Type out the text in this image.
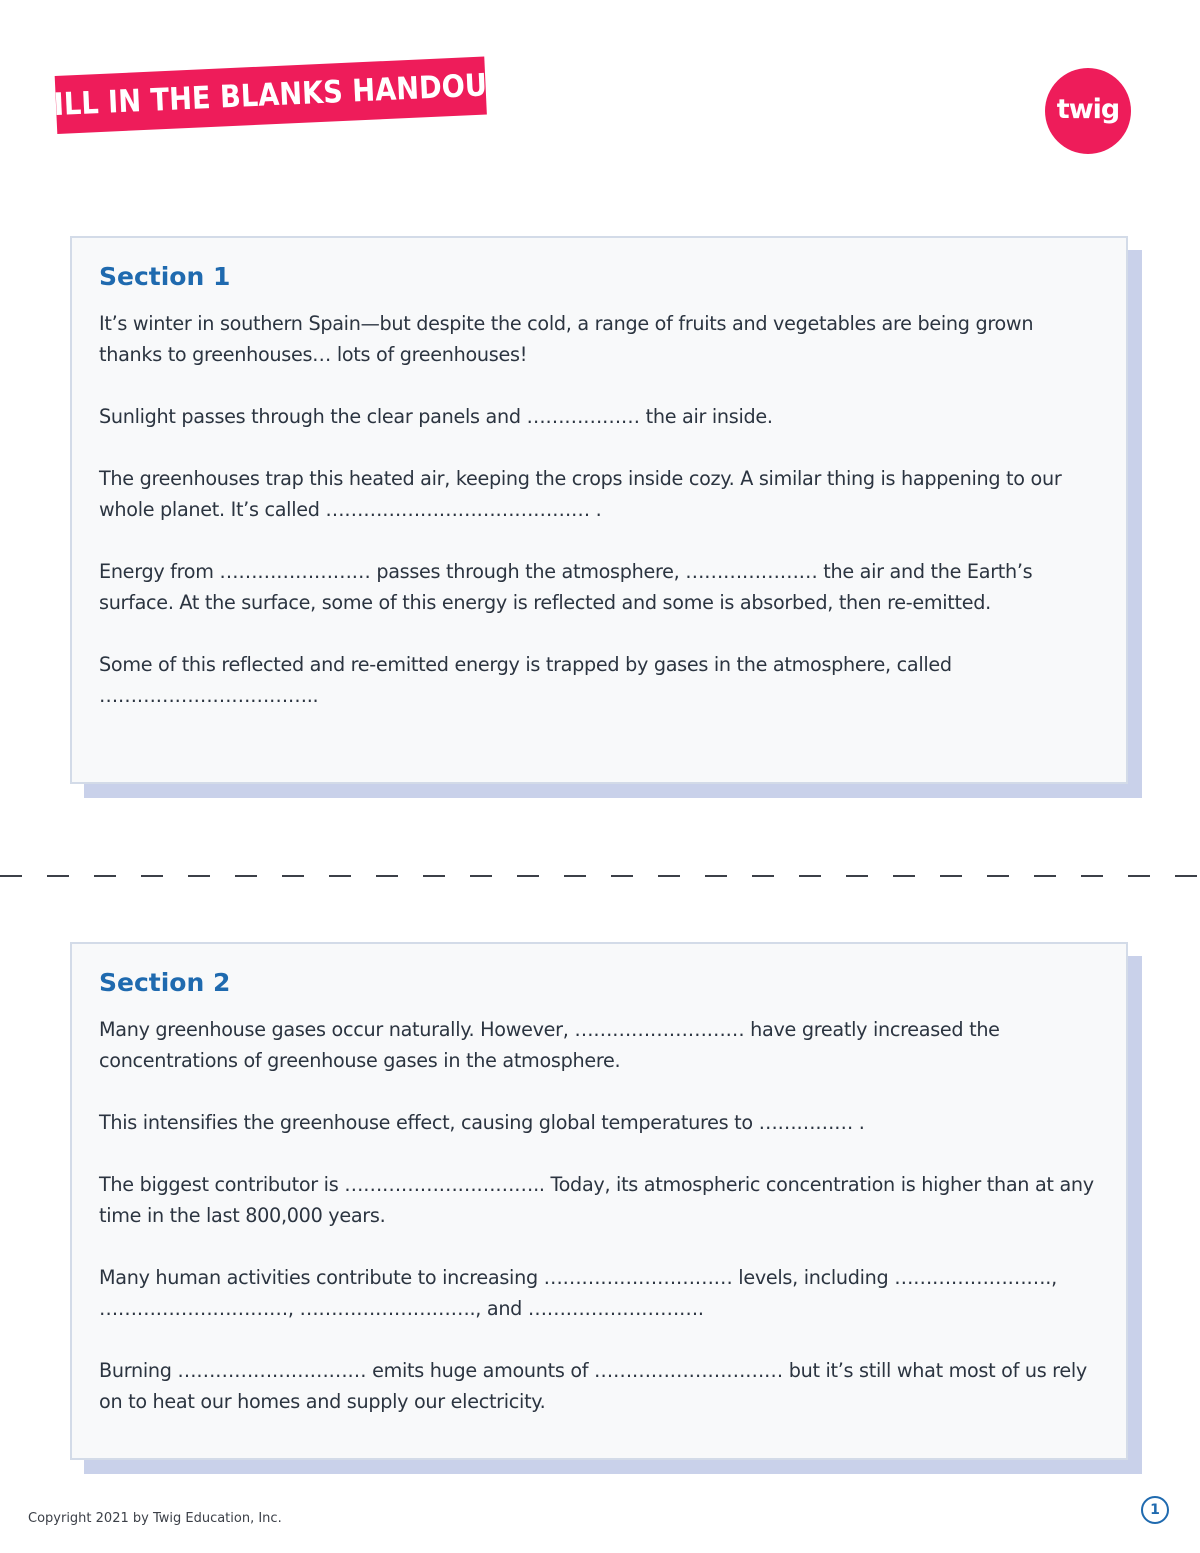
FILL IN THE BLANKS HANDOUT	twig
Section 1

It’s winter in southern Spain—but despite the cold, a range of fruits and vegetables are being grown thanks to greenhouses… lots of greenhouses!

Sunlight passes through the clear panels and ……………… the air inside.

The greenhouses trap this heated air, keeping the crops inside cozy. A similar thing is happening to our whole planet. It’s called …………………………………… .

Energy from …………………… passes through the atmosphere, ………………… the air and the Earth’s surface. At the surface, some of this energy is reflected and some is absorbed, then re-emitted.

Some of this reflected and re-emitted energy is trapped by gases in the atmosphere, called ……………………………..

Section 2

Many greenhouse gases occur naturally. However, ……………………… have greatly increased the concentrations of greenhouse gases in the atmosphere.

This intensifies the greenhouse effect, causing global temperatures to …………… .

The biggest contributor is ………………………….. Today, its atmospheric concentration is higher than at any time in the last 800,000 years.

Many human activities contribute to increasing ………………………… levels, including ……………………., …………………………, ………………………., and ……………………….

Burning ………………………… emits huge amounts of ………………………… but it’s still what most of us rely on to heat our homes and supply our electricity.

Copyright 2021 by Twig Education, Inc.
1
